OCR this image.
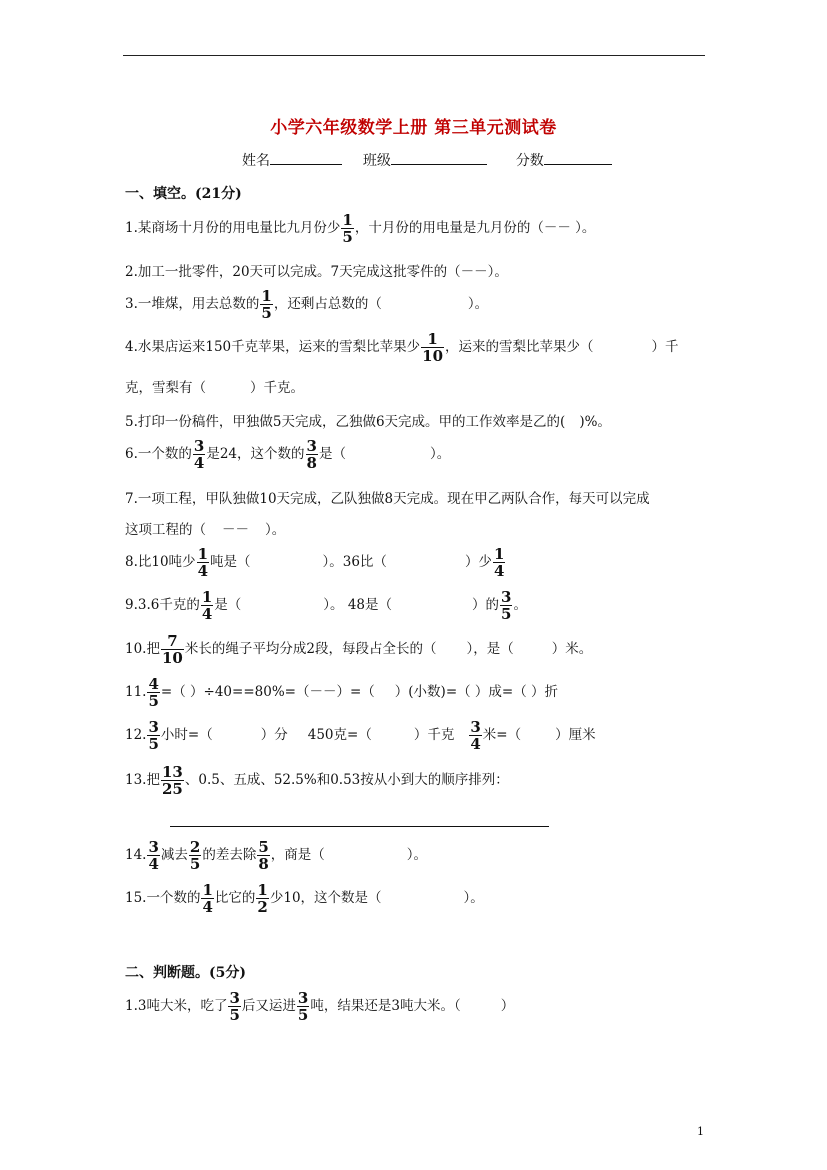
小学六年级数学上册 第三单元测试卷
姓名	班级	分数
一、填空。(21分)
1.某商场十月份的用电量比九月份少 $\frac{1}{5}$ ，十月份的用电量是九月份的（－－ ）。
2.加工一批零件，20天可以完成。7天完成这批零件的（－－）。
3.一堆煤，用去总数的 $\frac{1}{5}$ ，还剩占总数的（	）。
4.水果店运来150千克苹果，运来的雪梨比苹果少 $\frac{1}{10}$ ，运来的雪梨比苹果少（	）千
克，雪梨有（	）千克。
5.打印一份稿件，甲独做5天完成，乙独做6天完成。甲的工作效率是乙的( )%。
6.一个数的 $\frac{3}{4}$ 是24，这个数的 $\frac{3}{8}$ 是（	）。
7.一项工程，甲队独做10天完成，乙队独做8天完成。现在甲乙两队合作，每天可以完成
这项工程的（ －－ ）。
8.比10吨少 $\frac{1}{4}$ 吨是（	）。36比（	）少 $\frac{1}{4}$
9.3.6千克的 $\frac{1}{4}$ 是（	）。 48是（	）的 $\frac{3}{5}$ 。
10.把 $\frac{7}{10}$ 米长的绳子平均分成2段，每段占全长的（ ），是（	）米。
11. $\frac{4}{5}$ =（ ）÷40==80%=（－－）=（ ）(小数)=（ ）成=（ ）折
12. $\frac{3}{5}$ 小时=（	）分 450克=（	）千克 $\frac{3}{4}$ 米=（	）厘米
13.把 $\frac{13}{25}$ 、0.5、五成、52.5%和0.53按从小到大的顺序排列：
14. $\frac{3}{4}$ 减去 $\frac{2}{5}$ 的差去除 $\frac{5}{8}$ ，商是（	）。
15.一个数的 $\frac{1}{4}$ 比它的 $\frac{1}{2}$ 少10，这个数是（	）。
二、判断题。(5分)
1.3吨大米，吃了 $\frac{3}{5}$ 后又运进 $\frac{3}{5}$ 吨，结果还是3吨大米。（	）
1
